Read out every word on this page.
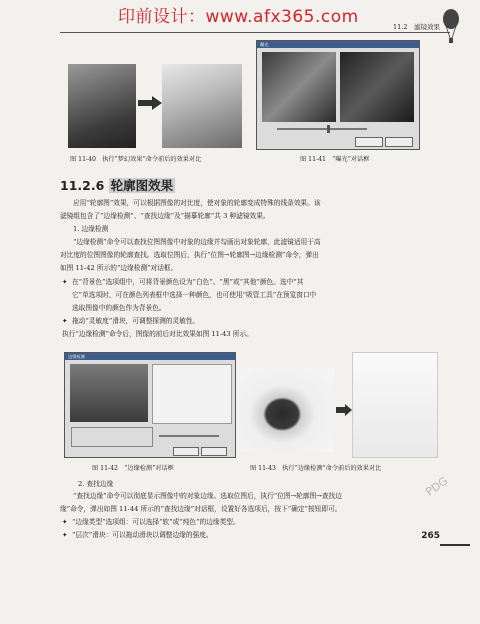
印前设计：www.afx365.com	11.2　滤镜效果
图 11-40　执行“梦幻效果”命令前后的效果对比
曝光
图 11-41　“曝光”对话框
11.2.6 轮廓图效果
应用“轮廓图”效果，可以根据图像的对比度，使对象的轮廓变成特殊的线条效果。该
滤镜组包含了“边缘检测”、“查找边缘”及“描摹轮廓”共 3 种滤镜效果。
1. 边缘检测
“边缘检测”命令可以查找位图图像中对象的边缘并勾画出对象轮廓，此滤镜适用于高
对比度的位图图像的轮廓查找。选取位图后，执行“位图→轮廓图→边缘检测”命令，弹出
如图 11-42 所示的“边缘检测”对话框。
✦ 在“背景色”选项组中，可将背景颜色设为“白色”、“黑”或“其他”颜色。选中“其
它”单选项时，可在颜色列表框中选择一种颜色，也可使用“吸管工具”在预览窗口中
选取图像中的颜色作为背景色。
✦ 拖动“灵敏度”滑块，可调整探测的灵敏性。
执行“边缘检测”命令后，图像的前后对比效果如图 11-43 所示。
边缘检测
图 11-42　“边缘检测”对话框	图 11-43　执行“边缘检测”命令前后的效果对比
2. 查找边缘
“查找边缘”命令可以彻底显示图像中的对象边缘。选取位图后，执行“位图→轮廓图→查找边
缘”命令，弹出如图 11-44 所示的“查找边缘”对话框，设置好各选项后，按下“确定”按钮即可。
✦ “边缘类型”选项组：可以选择“软”或“纯色”的边缘类型。
✦ “层次”滑块：可以拖动滑块以调整边缘的强度。
PDG
265
